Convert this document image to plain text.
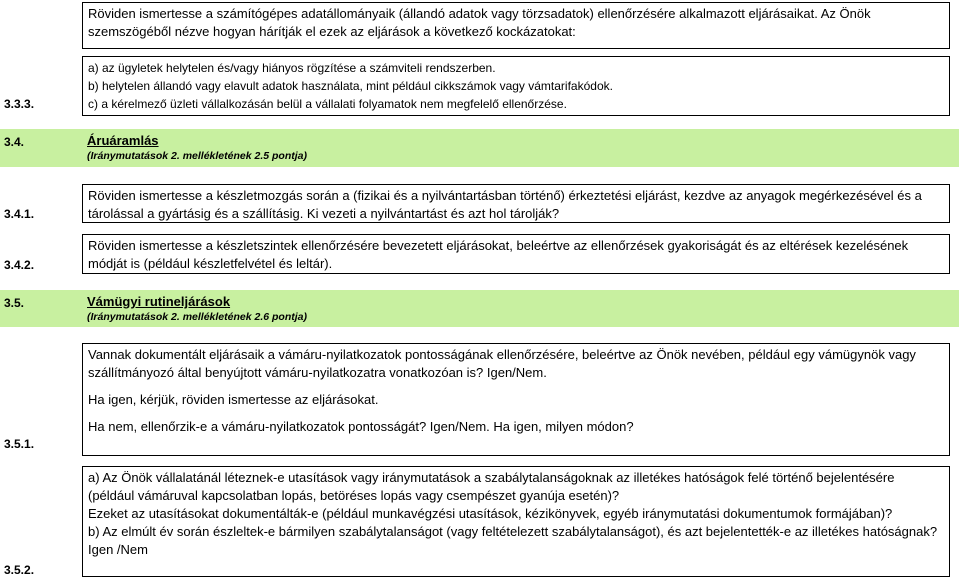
Röviden ismertesse a számítógépes adatállományaik (állandó adatok vagy törzsadatok) ellenőrzésére alkalmazott eljárásaikat. Az Önök szemszögéből nézve hogyan hárítják el ezek az eljárások a következő kockázatokat:

a) az ügyletek helytelen és/vagy hiányos rögzítése a számviteli rendszerben.

b) helytelen állandó vagy elavult adatok használata, mint például cikkszámok vagy vámtarifakódok.

c) a kérelmező üzleti vállalkozásán belül a vállalati folyamatok nem megfelelő ellenőrzése.

3.3.3.
3.4.	Áruáramlás
(Iránymutatások 2. mellékletének 2.5 pontja)

Röviden ismertesse a készletmozgás során a (fizikai és a nyilvántartásban történő) érkeztetési eljárást, kezdve az anyagok megérkezésével és a tárolással a gyártásig és a szállításig. Ki vezeti a nyilvántartást és azt hol tárolják?

3.4.1.

Röviden ismertesse a készletszintek ellenőrzésére bevezetett eljárásokat, beleértve az ellenőrzések gyakoriságát és az eltérések kezelésének módját is (például készletfelvétel és leltár).

3.4.2.
3.5.	Vámügyi rutineljárások
(Iránymutatások 2. mellékletének 2.6 pontja)

Vannak dokumentált eljárásaik a vámáru-nyilatkozatok pontosságának ellenőrzésére, beleértve az Önök nevében, például egy vámügynök vagy szállítmányozó által benyújtott vámáru-nyilatkozatra vonatkozóan is? Igen/Nem.

Ha igen, kérjük, röviden ismertesse az eljárásokat.

Ha nem, ellenőrzik-e a vámáru-nyilatkozatok pontosságát? Igen/Nem. Ha igen, milyen módon?

3.5.1.

a) Az Önök vállalatánál léteznek-e utasítások vagy iránymutatások a szabálytalanságoknak az illetékes hatóságok felé történő bejelentésére (például vámáruval kapcsolatban lopás, betöréses lopás vagy csempészet gyanúja esetén)?

Ezeket az utasításokat dokumentálták-e (például munkavégzési utasítások, kézikönyvek, egyéb iránymutatási dokumentumok formájában)?

b) Az elmúlt év során észleltek-e bármilyen szabálytalanságot (vagy feltételezett szabálytalanságot), és azt bejelentették-e az illetékes hatóságnak? Igen /Nem

3.5.2.
